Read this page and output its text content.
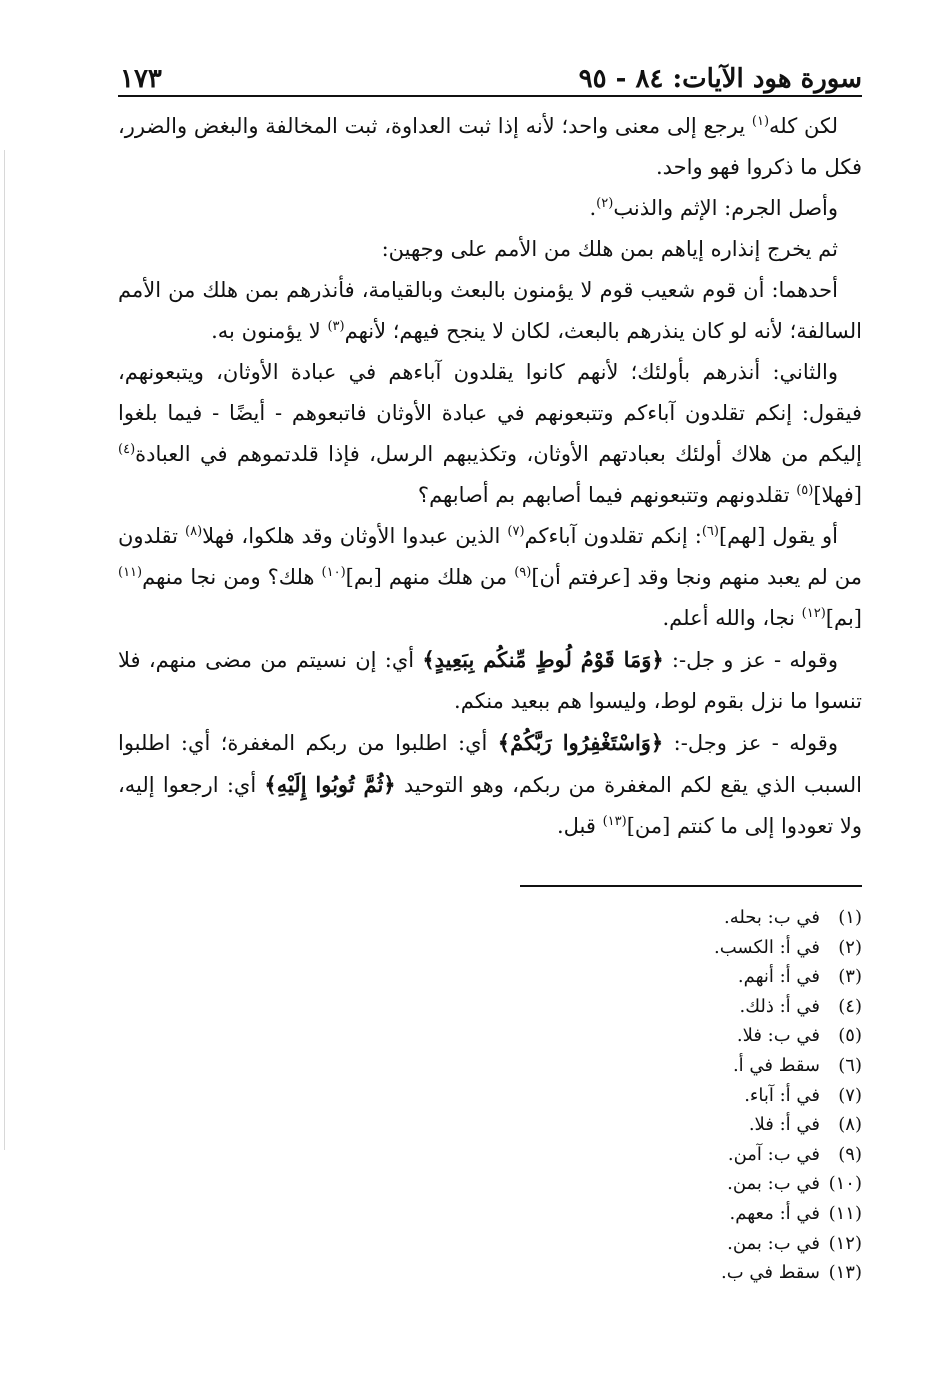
سورة هود الآيات: ٨٤ - ٩٥
١٧٣

لكن كله$^{(١)}$ يرجع إلى معنى واحد؛ لأنه إذا ثبت العداوة، ثبت المخالفة والبغض والضرر، فكل ما ذكروا فهو واحد.

وأصل الجرم: الإثم والذنب$^{(٢)}$.

ثم يخرج إنذاره إياهم بمن هلك من الأمم على وجهين:

أحدهما: أن قوم شعيب قوم لا يؤمنون بالبعث وبالقيامة، فأنذرهم بمن هلك من الأمم السالفة؛ لأنه لو كان ينذرهم بالبعث، لكان لا ينجح فيهم؛ لأنهم$^{(٣)}$ لا يؤمنون به.

والثاني: أنذرهم بأولئك؛ لأنهم كانوا يقلدون آباءهم في عبادة الأوثان، ويتبعونهم، فيقول: إنكم تقلدون آباءكم وتتبعونهم في عبادة الأوثان فاتبعوهم - أيضًا - فيما بلغوا إليكم من هلاك أولئك بعبادتهم الأوثان، وتكذيبهم الرسل، فإذا قلدتموهم في العبادة$^{(٤)}$ [فهلا]$^{(٥)}$ تقلدونهم وتتبعونهم فيما أصابهم بم أصابهم؟

أو يقول [لهم]$^{(٦)}$: إنكم تقلدون آباءكم$^{(٧)}$ الذين عبدوا الأوثان وقد هلكوا، فهلا$^{(٨)}$ تقلدون من لم يعبد منهم ونجا وقد [عرفتم أن]$^{(٩)}$ من هلك منهم [بم]$^{(١٠)}$ هلك؟ ومن نجا منهم$^{(١١)}$ [بم]$^{(١٢)}$ نجا، والله أعلم.

وقوله - عز و جل-: ﴿وَمَا قَوْمُ لُوطٍ مِّنكُم بِبَعِيدٍ﴾ أي: إن نسيتم من مضى منهم، فلا تنسوا ما نزل بقوم لوط، وليسوا هم ببعيد منكم.

وقوله - عز وجل-: ﴿وَاسْتَغْفِرُوا رَبَّكُمْ﴾ أي: اطلبوا من ربكم المغفرة؛ أي: اطلبوا السبب الذي يقع لكم المغفرة من ربكم، وهو التوحيد ﴿ثُمَّ تُوبُوا إِلَيْهِ﴾ أي: ارجعوا إليه، ولا تعودوا إلى ما كنتم [من]$^{(١٣)}$ قبل.

(١)في ب: بحله.
(٢)في أ: الكسب.
(٣)في أ: أنهم.
(٤)في أ: ذلك.
(٥)في ب: فلا.
(٦)سقط في أ.
(٧)في أ: آباء.
(٨)في أ: فلا.
(٩)في ب: آمن.
(١٠)في ب: بمن.
(١١)في أ: معهم.
(١٢)في ب: بمن.
(١٣)سقط في ب.
